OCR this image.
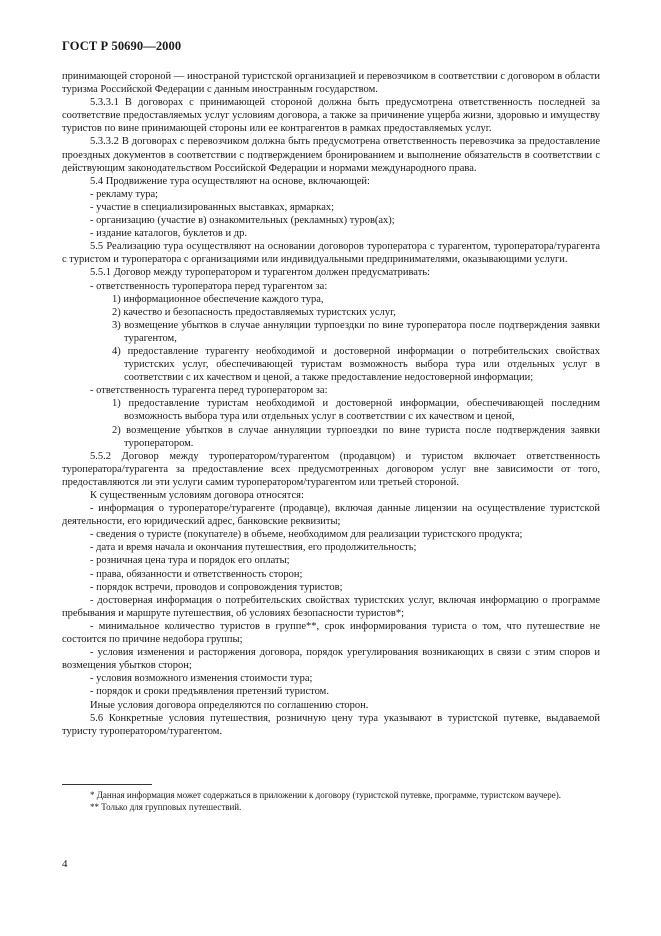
ГОСТ Р 50690—2000

принимающей стороной — иностраной туристской организацией и перевозчиком в соответствии с договором в области туризма Российской Федерации с данным иностранным государством.

5.3.3.1 В договорах с принимающей стороной должна быть предусмотрена ответственность последней за соответствие предоставляемых услуг условиям договора, а также за причинение ущерба жизни, здоровью и имуществу туристов по вине принимающей стороны или ее контрагентов в рамках предоставляемых услуг.

5.3.3.2 В договорах с перевозчиком должна быть предусмотрена ответственность перевозчика за предоставление проездных документов в соответствии с подтверждением бронированием и выполнение обязательств в соответствии с действующим законодательством Российской Федерации и нормами международного права.

5.4 Продвижение тура осуществляют на основе, включающей:

- рекламу тура;

- участие в специализированных выставках, ярмарках;

- организацию (участие в) ознакомительных (рекламных) туров(ах);

- издание каталогов, буклетов и др.

5.5 Реализацию тура осуществляют на основании договоров туроператора с турагентом, туроператора/турагента с туристом и туроператора с организациями или индивидуальными предпринимателями, оказывающими услуги.

5.5.1 Договор между туроператором и турагентом должен предусматривать:

- ответственность туроператора перед турагентом за:

1) информационное обеспечение каждого тура,

2) качество и безопасность предоставляемых туристских услуг,

3) возмещение убытков в случае аннуляции турпоездки по вине туроператора после подтверждения заявки турагентом,

4) предоставление турагенту необходимой и достоверной информации о потребительских свойствах туристских услуг, обеспечивающей туристам возможность выбора тура или отдельных услуг в соответствии с их качеством и ценой, а также предоставление недостоверной информации;

- ответственность турагента перед туроператором за:

1) предоставление туристам необходимой и достоверной информации, обеспечивающей последним возможность выбора тура или отдельных услуг в соответствии с их качеством и ценой,

2) возмещение убытков в случае аннуляции турпоездки по вине туриста после подтверждения заявки туроператором.

5.5.2 Договор между туроператором/турагентом (продавцом) и туристом включает ответственность туроператора/турагента за предоставление всех предусмотренных договором услуг вне зависимости от того, предоставляются ли эти услуги самим туроператором/турагентом или третьей стороной.

К существенным условиям договора относятся:

- информация о туроператоре/турагенте (продавце), включая данные лицензии на осуществление туристской деятельности, его юридический адрес, банковские реквизиты;

- сведения о туристе (покупателе) в объеме, необходимом для реализации туристского продукта;

- дата и время начала и окончания путешествия, его продолжительность;

- розничная цена тура и порядок его оплаты;

- права, обязанности и ответственность сторон;

- порядок встречи, проводов и сопровождения туристов;

- достоверная информация о потребительских свойствах туристских услуг, включая информацию о программе пребывания и маршруте путешествия, об условиях безопасности туристов*;

- минимальное количество туристов в группе**, срок информирования туриста о том, что путешествие не состоится по причине недобора группы;

- условия изменения и расторжения договора, порядок урегулирования возникающих в связи с этим споров и возмещения убытков сторон;

- условия возможного изменения стоимости тура;

- порядок и сроки предъявления претензий туристом.

Иные условия договора определяются по соглашению сторон.

5.6 Конкретные условия путешествия, розничную цену тура указывают в туристской путевке, выдаваемой туристу туроператором/турагентом.

* Данная информация может содержаться в приложении к договору (туристской путевке, программе, туристском ваучере).

** Только для групповых путешествий.

4
